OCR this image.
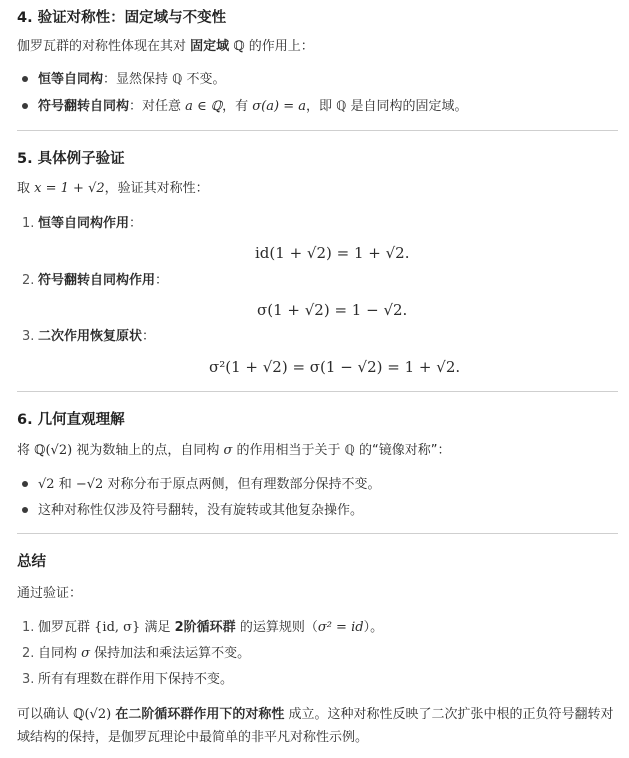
4. 验证对称性：固定域与不变性
伽罗瓦群的对称性体现在其对 固定域 ℚ 的作用上：
恒等自同构：显然保持 ℚ 不变。
符号翻转自同构：对任意 a ∈ ℚ，有 σ(a) = a，即 ℚ 是自同构的固定域。
5. 具体例子验证
取 x = 1 + √2，验证其对称性：
1. 恒等自同构作用：
id(1 + √2) = 1 + √2.
2. 符号翻转自同构作用：
σ(1 + √2) = 1 − √2.
3. 二次作用恢复原状：
σ²(1 + √2) = σ(1 − √2) = 1 + √2.
6. 几何直观理解
将 ℚ(√2) 视为数轴上的点，自同构 σ 的作用相当于关于 ℚ 的“镜像对称”：
√2 和 −√2 对称分布于原点两侧，但有理数部分保持不变。
这种对称性仅涉及符号翻转，没有旋转或其他复杂操作。
总结
通过验证：
1. 伽罗瓦群 {id, σ} 满足 2阶循环群 的运算规则（σ² = id）。
2. 自同构 σ 保持加法和乘法运算不变。
3. 所有有理数在群作用下保持不变。
可以确认 ℚ(√2) 在二阶循环群作用下的对称性 成立。这种对称性反映了二次扩张中根的正负符号翻转对
域结构的保持，是伽罗瓦理论中最简单的非平凡对称性示例。
